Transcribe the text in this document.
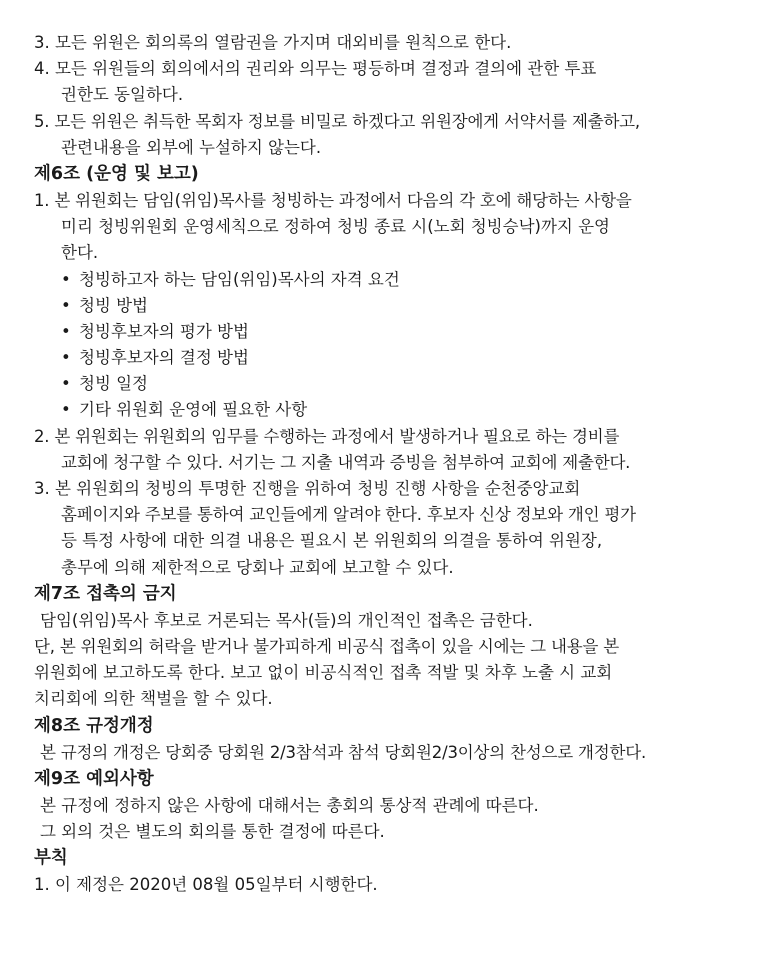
3. 모든 위원은 회의록의 열람권을 가지며 대외비를 원칙으로 한다.
4. 모든 위원들의 회의에서의 권리와 의무는 평등하며 결정과 결의에 관한 투표
권한도 동일하다.
5. 모든 위원은 취득한 목회자 정보를 비밀로 하겠다고 위원장에게 서약서를 제출하고,
관련내용을 외부에 누설하지 않는다.
제6조 (운영 및 보고)
1. 본 위원회는 담임(위임)목사를 청빙하는 과정에서 다음의 각 호에 해당하는 사항을
미리 청빙위원회 운영세칙으로 정하여 청빙 종료 시(노회 청빙승낙)까지 운영
한다.
• 청빙하고자 하는 담임(위임)목사의 자격 요건
• 청빙 방법
• 청빙후보자의 평가 방법
• 청빙후보자의 결정 방법
• 청빙 일정
• 기타 위원회 운영에 필요한 사항
2. 본 위원회는 위원회의 임무를 수행하는 과정에서 발생하거나 필요로 하는 경비를
교회에 청구할 수 있다. 서기는 그 지출 내역과 증빙을 첨부하여 교회에 제출한다.
3. 본 위원회의 청빙의 투명한 진행을 위하여 청빙 진행 사항을 순천중앙교회
홈페이지와 주보를 통하여 교인들에게 알려야 한다. 후보자 신상 정보와 개인 평가
등 특정 사항에 대한 의결 내용은 필요시 본 위원회의 의결을 통하여 위원장,
총무에 의해 제한적으로 당회나 교회에 보고할 수 있다.
제7조 접촉의 금지
담임(위임)목사 후보로 거론되는 목사(들)의 개인적인 접촉은 금한다.
단, 본 위원회의 허락을 받거나 불가피하게 비공식 접촉이 있을 시에는 그 내용을 본
위원회에 보고하도록 한다. 보고 없이 비공식적인 접촉 적발 및 차후 노출 시 교회
치리회에 의한 책벌을 할 수 있다.
제8조 규정개정
본 규정의 개정은 당회중 당회원 2/3참석과 참석 당회원2/3이상의 찬성으로 개정한다.
제9조 예외사항
본 규정에 정하지 않은 사항에 대해서는 총회의 통상적 관례에 따른다.
그 외의 것은 별도의 회의를 통한 결정에 따른다.
부칙
1. 이 제정은 2020년 08월 05일부터 시행한다.
